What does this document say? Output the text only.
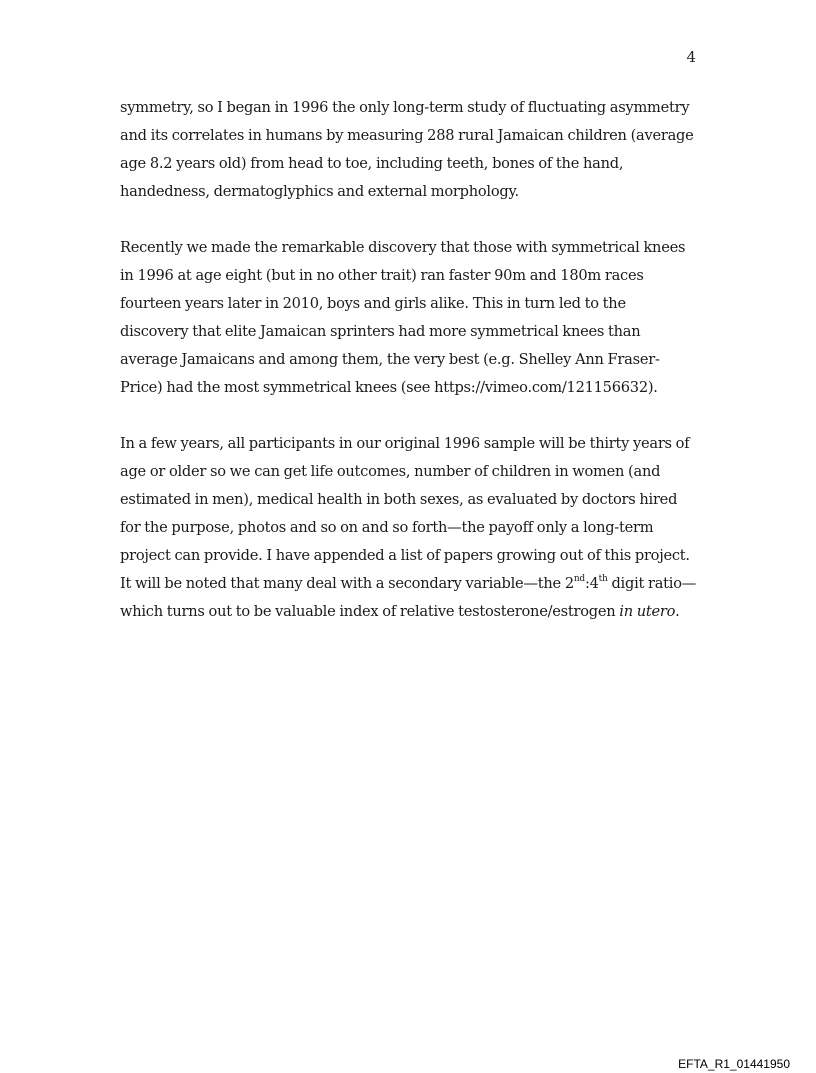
4

symmetry, so I began in 1996 the only long-term study of fluctuating asymmetry and its correlates in humans by measuring 288 rural Jamaican children (average age 8.2 years old) from head to toe, including teeth, bones of the hand, handedness, dermatoglyphics and external morphology.

Recently we made the remarkable discovery that those with symmetrical knees in 1996 at age eight (but in no other trait) ran faster 90m and 180m races fourteen years later in 2010, boys and girls alike. This in turn led to the discovery that elite Jamaican sprinters had more symmetrical knees than average Jamaicans and among them, the very best (e.g. Shelley Ann Fraser-Price) had the most symmetrical knees (see https://vimeo.com/121156632).

In a few years, all participants in our original 1996 sample will be thirty years of age or older so we can get life outcomes, number of children in women (and estimated in men), medical health in both sexes, as evaluated by doctors hired for the purpose, photos and so on and so forth—the payoff only a long-term project can provide. I have appended a list of papers growing out of this project. It will be noted that many deal with a secondary variable—the 2nd:4th digit ratio—which turns out to be valuable index of relative testosterone/estrogen in utero.

EFTA_R1_01441950
